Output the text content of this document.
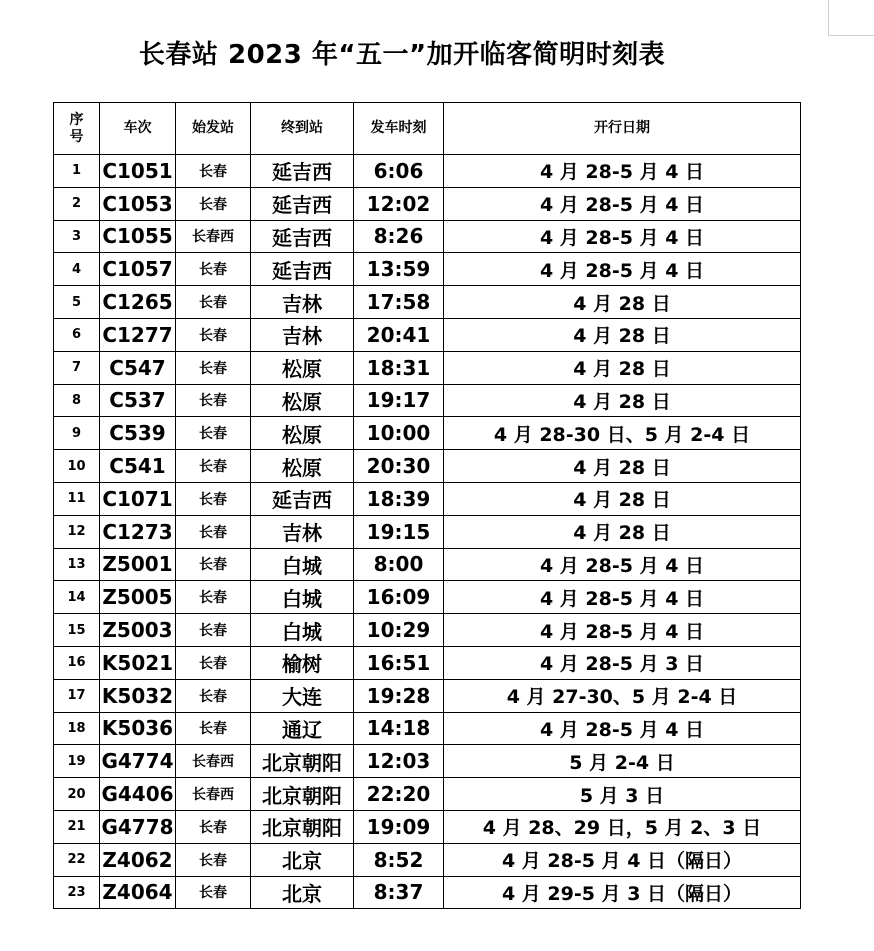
长春站 2023 年“五一”加开临客简明时刻表
序号	车次	始发站	终到站	发车时刻	开行日期
1	C1051	长春	延吉西	6:06	4 月 28-5 月 4 日
2	C1053	长春	延吉西	12:02	4 月 28-5 月 4 日
3	C1055	长春西	延吉西	8:26	4 月 28-5 月 4 日
4	C1057	长春	延吉西	13:59	4 月 28-5 月 4 日
5	C1265	长春	吉林	17:58	4 月 28 日
6	C1277	长春	吉林	20:41	4 月 28 日
7	C547	长春	松原	18:31	4 月 28 日
8	C537	长春	松原	19:17	4 月 28 日
9	C539	长春	松原	10:00	4 月 28-30 日、5 月 2-4 日
10	C541	长春	松原	20:30	4 月 28 日
11	C1071	长春	延吉西	18:39	4 月 28 日
12	C1273	长春	吉林	19:15	4 月 28 日
13	Z5001	长春	白城	8:00	4 月 28-5 月 4 日
14	Z5005	长春	白城	16:09	4 月 28-5 月 4 日
15	Z5003	长春	白城	10:29	4 月 28-5 月 4 日
16	K5021	长春	榆树	16:51	4 月 28-5 月 3 日
17	K5032	长春	大连	19:28	4 月 27-30、5 月 2-4 日
18	K5036	长春	通辽	14:18	4 月 28-5 月 4 日
19	G4774	长春西	北京朝阳	12:03	5 月 2-4 日
20	G4406	长春西	北京朝阳	22:20	5 月 3 日
21	G4778	长春	北京朝阳	19:09	4 月 28、29 日，5 月 2、3 日
22	Z4062	长春	北京	8:52	4 月 28-5 月 4 日（隔日）
23	Z4064	长春	北京	8:37	4 月 29-5 月 3 日（隔日）
